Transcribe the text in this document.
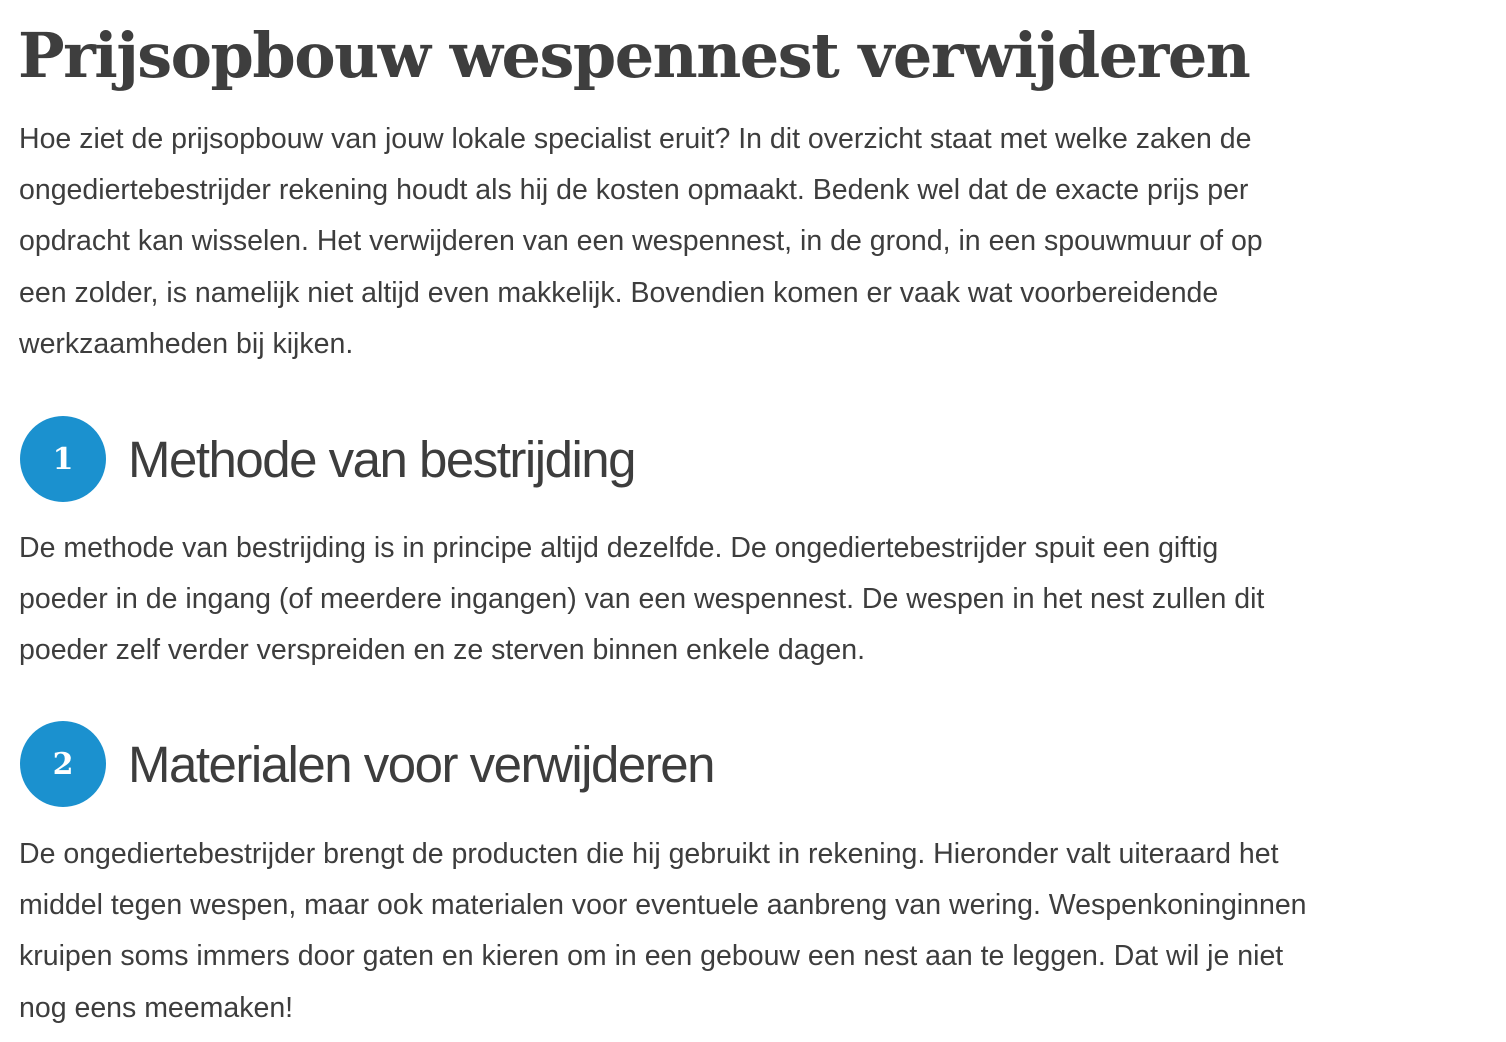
Prijsopbouw wespennest verwijderen
Hoe ziet de prijsopbouw van jouw lokale specialist eruit? In dit overzicht staat met welke zaken de
ongediertebestrijder rekening houdt als hij de kosten opmaakt. Bedenk wel dat de exacte prijs per
opdracht kan wisselen. Het verwijderen van een wespennest, in de grond, in een spouwmuur of op
een zolder, is namelijk niet altijd even makkelijk. Bovendien komen er vaak wat voorbereidende
werkzaamheden bij kijken.
1	Methode van bestrijding
De methode van bestrijding is in principe altijd dezelfde. De ongediertebestrijder spuit een giftig
poeder in de ingang (of meerdere ingangen) van een wespennest. De wespen in het nest zullen dit
poeder zelf verder verspreiden en ze sterven binnen enkele dagen.
2	Materialen voor verwijderen
De ongediertebestrijder brengt de producten die hij gebruikt in rekening. Hieronder valt uiteraard het
middel tegen wespen, maar ook materialen voor eventuele aanbreng van wering. Wespenkoninginnen
kruipen soms immers door gaten en kieren om in een gebouw een nest aan te leggen. Dat wil je niet
nog eens meemaken!
